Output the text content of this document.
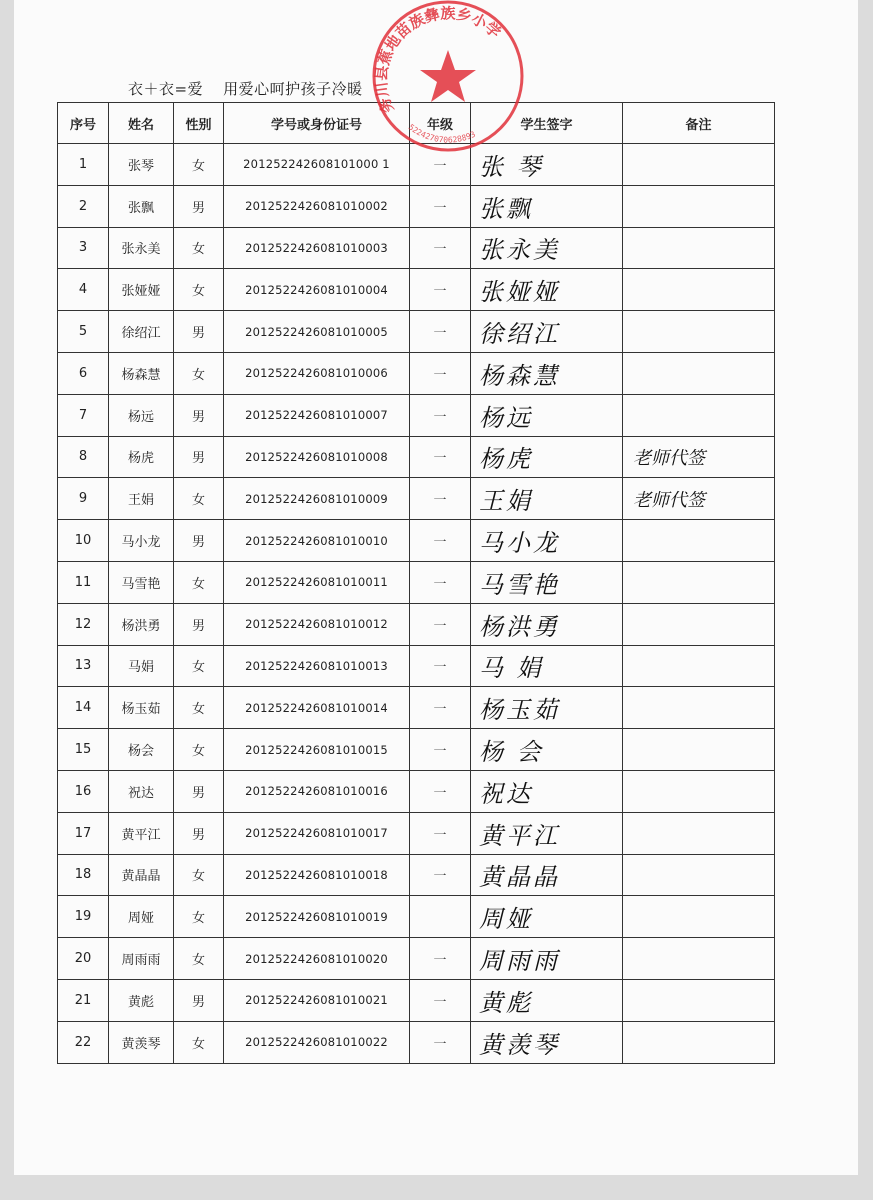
衣＋衣=爱 用爱心呵护孩子冷暖
序号	姓名	性别	学号或身份证号	年级	学生签字	备注
1	张琴	女	201252242608101000 1	一	张 琴	
2	张飘	男	2012522426081010002	一	张飘	
3	张永美	女	2012522426081010003	一	张永美	
4	张娅娅	女	2012522426081010004	一	张娅娅	
5	徐绍江	男	2012522426081010005	一	徐绍江	
6	杨森慧	女	2012522426081010006	一	杨森慧	
7	杨远	男	2012522426081010007	一	杨远	
8	杨虎	男	2012522426081010008	一	杨虎	老师代签
9	王娟	女	2012522426081010009	一	王娟	老师代签
10	马小龙	男	2012522426081010010	一	马小龙	
11	马雪艳	女	2012522426081010011	一	马雪艳	
12	杨洪勇	男	2012522426081010012	一	杨洪勇	
13	马娟	女	2012522426081010013	一	马 娟	
14	杨玉茹	女	2012522426081010014	一	杨玉茹	
15	杨会	女	2012522426081010015	一	杨 会	
16	祝达	男	2012522426081010016	一	祝达	
17	黄平江	男	2012522426081010017	一	黄平江	
18	黄晶晶	女	2012522426081010018	一	黄晶晶	
19	周娅	女	2012522426081010019		周娅	
20	周雨雨	女	2012522426081010020	一	周雨雨	
21	黄彪	男	2012522426081010021	一	黄彪	
22	黄羡琴	女	2012522426081010022	一	黄羡琴	
务川县蕉地苗族彝族乡小学
522427070628893
